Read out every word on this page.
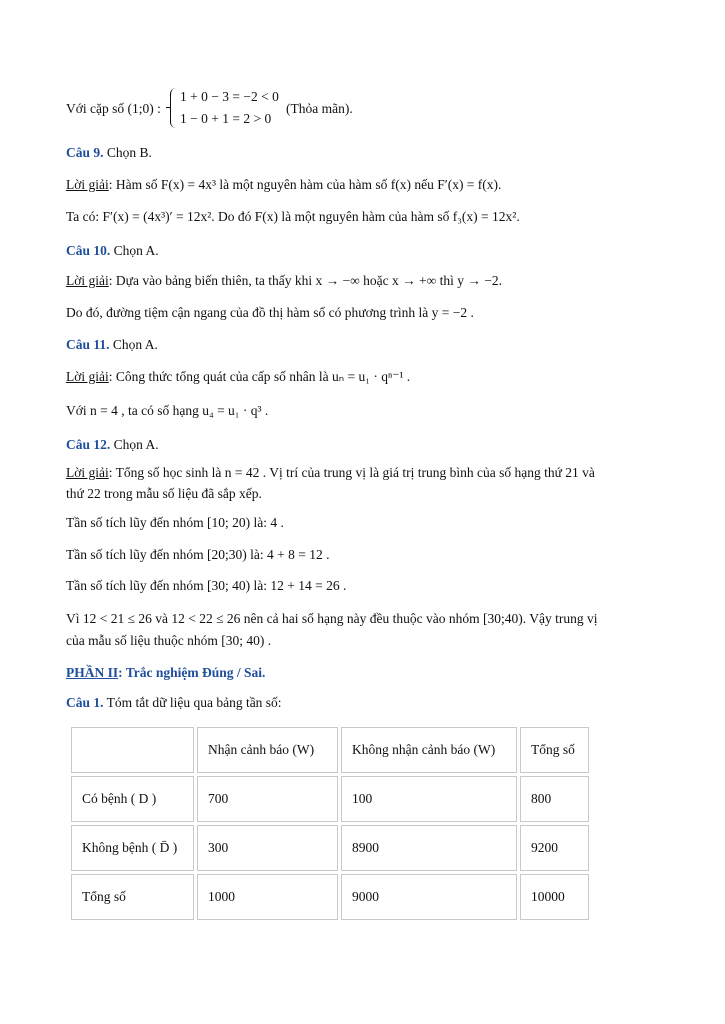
Với cặp số (1;0) :
1 + 0 − 3 = −2 < 0
1 − 0 + 1 = 2 > 0
(Thỏa mãn).
Câu 9. Chọn B.
Lời giải: Hàm số F(x) = 4x³ là một nguyên hàm của hàm số f(x) nếu F′(x) = f(x).
Ta có: F′(x) = (4x³)′ = 12x². Do đó F(x) là một nguyên hàm của hàm số f₃(x) = 12x².
Câu 10. Chọn A.
Lời giải: Dựa vào bảng biến thiên, ta thấy khi x → −∞ hoặc x → +∞ thì y → −2.
Do đó, đường tiệm cận ngang của đồ thị hàm số có phương trình là y = −2 .
Câu 11. Chọn A.
Lời giải: Công thức tổng quát của cấp số nhân là uₙ = u₁ · qⁿ⁻¹ .
Với n = 4 , ta có số hạng u₄ = u₁ · q³ .
Câu 12. Chọn A.
Lời giải: Tổng số học sinh là n = 42 . Vị trí của trung vị là giá trị trung bình của số hạng thứ 21 và
thứ 22 trong mẫu số liệu đã sắp xếp.
Tần số tích lũy đến nhóm [10; 20) là: 4 .
Tần số tích lũy đến nhóm [20;30) là: 4 + 8 = 12 .
Tần số tích lũy đến nhóm [30; 40) là: 12 + 14 = 26 .
Vì 12 < 21 ≤ 26 và 12 < 22 ≤ 26 nên cả hai số hạng này đều thuộc vào nhóm [30;40). Vậy trung vị
của mẫu số liệu thuộc nhóm [30; 40) .
PHẦN II: Trắc nghiệm Đúng / Sai.
Câu 1. Tóm tắt dữ liệu qua bảng tần số:
	Nhận cảnh báo (W)	Không nhận cảnh báo (W)	Tổng số
Có bệnh ( D )	700	100	800
Không bệnh ( D̄ )	300	8900	9200
Tổng số	1000	9000	10000
